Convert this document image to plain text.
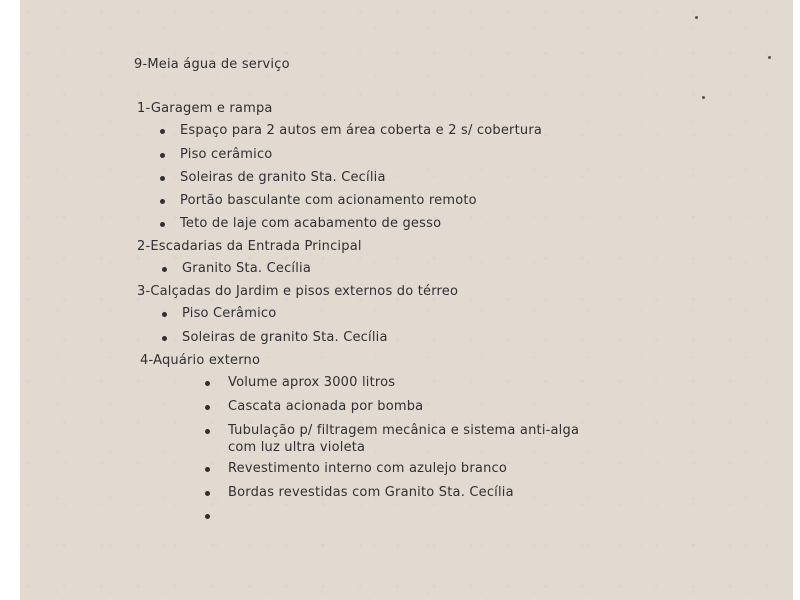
9-Meia água de serviço
1-Garagem e rampa
Espaço para 2 autos em área coberta e 2 s/ cobertura
Piso cerâmico
Soleiras de granito Sta. Cecília
Portão basculante com acionamento remoto
Teto de laje com acabamento de gesso
2-Escadarias da Entrada Principal
Granito Sta. Cecília
3-Calçadas do Jardim e pisos externos do térreo
Piso Cerâmico
Soleiras de granito Sta. Cecília
4-Aquário externo
Volume aprox 3000 litros
Cascata acionada por bomba
Tubulação p/ filtragem mecânica e sistema anti-alga
com luz ultra violeta
Revestimento interno com azulejo branco
Bordas revestidas com Granito Sta. Cecília
